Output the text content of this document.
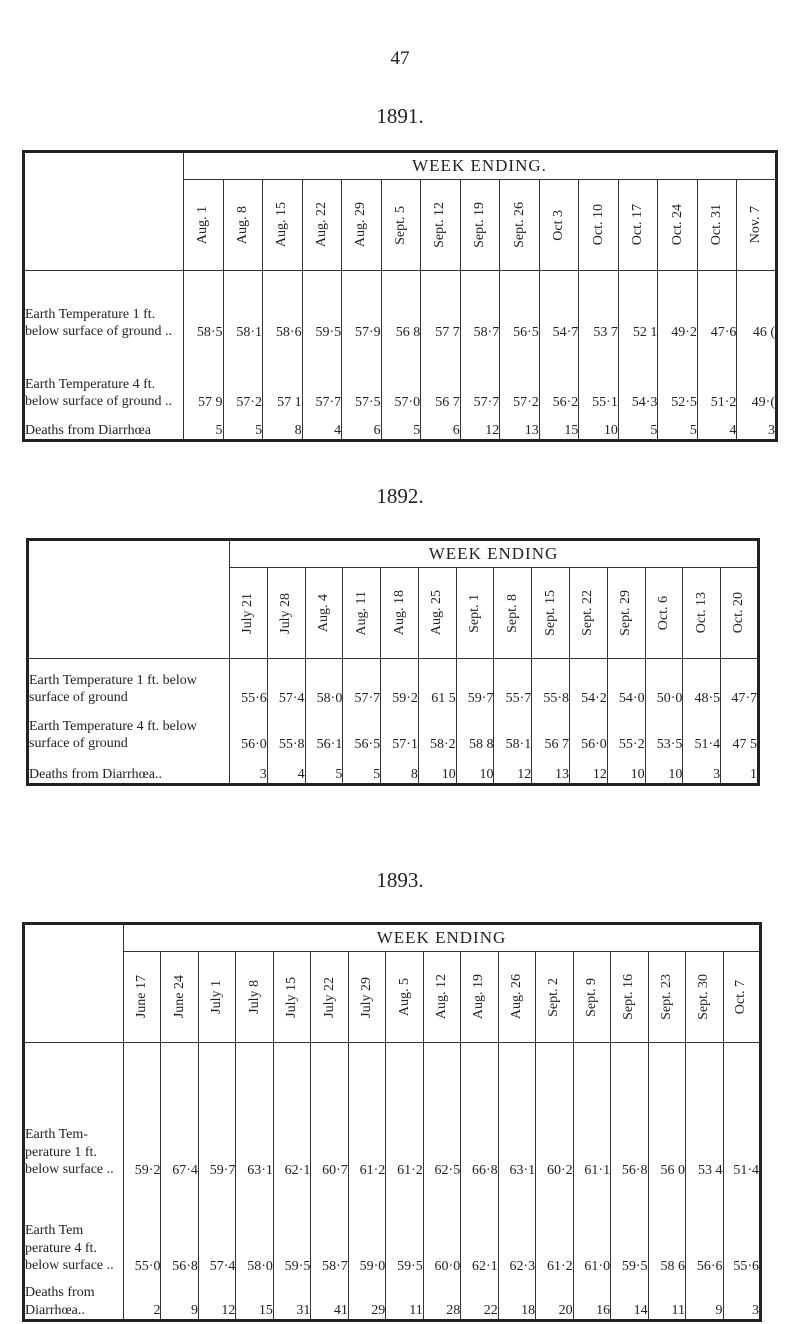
47
1891.
	WEEK ENDING.														

	Aug. 1	Aug. 8	Aug. 15	Aug. 22	Aug. 29	Sept. 5	Sept. 12	Sept. 19	Sept. 26	Oct 3	Oct. 10	Oct. 17	Oct. 24	Oct. 31	Nov. 7

Earth Temperature 1 ft. below surface of ground ..	58·5	58·1	58·6	59·5	57·9	56 8	57 7	58·7	56·5	54·7	53 7	52 1	49·2	47·6	46 (
Earth Temperature 4 ft. below surface of ground ..	57 9	57·2	57 1	57·7	57·5	57·0	56 7	57·7	57·2	56·2	55·1	54·3	52·5	51·2	49·(
Deaths from Diarrhœa	5	5	8	4	6	5	6	12	13	15	10	5	5	4	3
1892.
	WEEK ENDING													

	July 21	July 28	Aug. 4	Aug. 11	Aug. 18	Aug. 25	Sept. 1	Sept. 8	Sept. 15	Sept. 22	Sept. 29	Oct. 6	Oct. 13	Oct. 20

Earth Temperature 1 ft. below surface of ground	55·6	57·4	58·0	57·7	59·2	61 5	59·7	55·7	55·8	54·2	54·0	50·0	48·5	47·7
Earth Temperature 4 ft. below surface of ground	56·0	55·8	56·1	56·5	57·1	58·2	58 8	58·1	56 7	56·0	55·2	53·5	51·4	47 5
Deaths from Diarrhœa..	3	4	5	5	8	10	10	12	13	12	10	10	3	1
1893.
	WEEK ENDING																

	June 17	June 24	July 1	July 8	July 15	July 22	July 29	Aug. 5	Aug. 12	Aug. 19	Aug. 26	Sept. 2	Sept. 9	Sept. 16	Sept. 23	Sept. 30	Oct. 7

Earth Temperature 1 ft. below surface ..	59·2	67·4	59·7	63·1	62·1	60·7	61·2	61·2	62·5	66·8	63·1	60·2	61·1	56·8	56 0	53 4	51·4
Earth Tem perature 4 ft. below surface ..	55·0	56·8	57·4	58·0	59·5	58·7	59·0	59·5	60·0	62·1	62·3	61·2	61·0	59·5	58 6	56·6	55·6
Deaths from Diarrhœa..	2	9	12	15	31	41	29	11	28	22	18	20	16	14	11	9	3
